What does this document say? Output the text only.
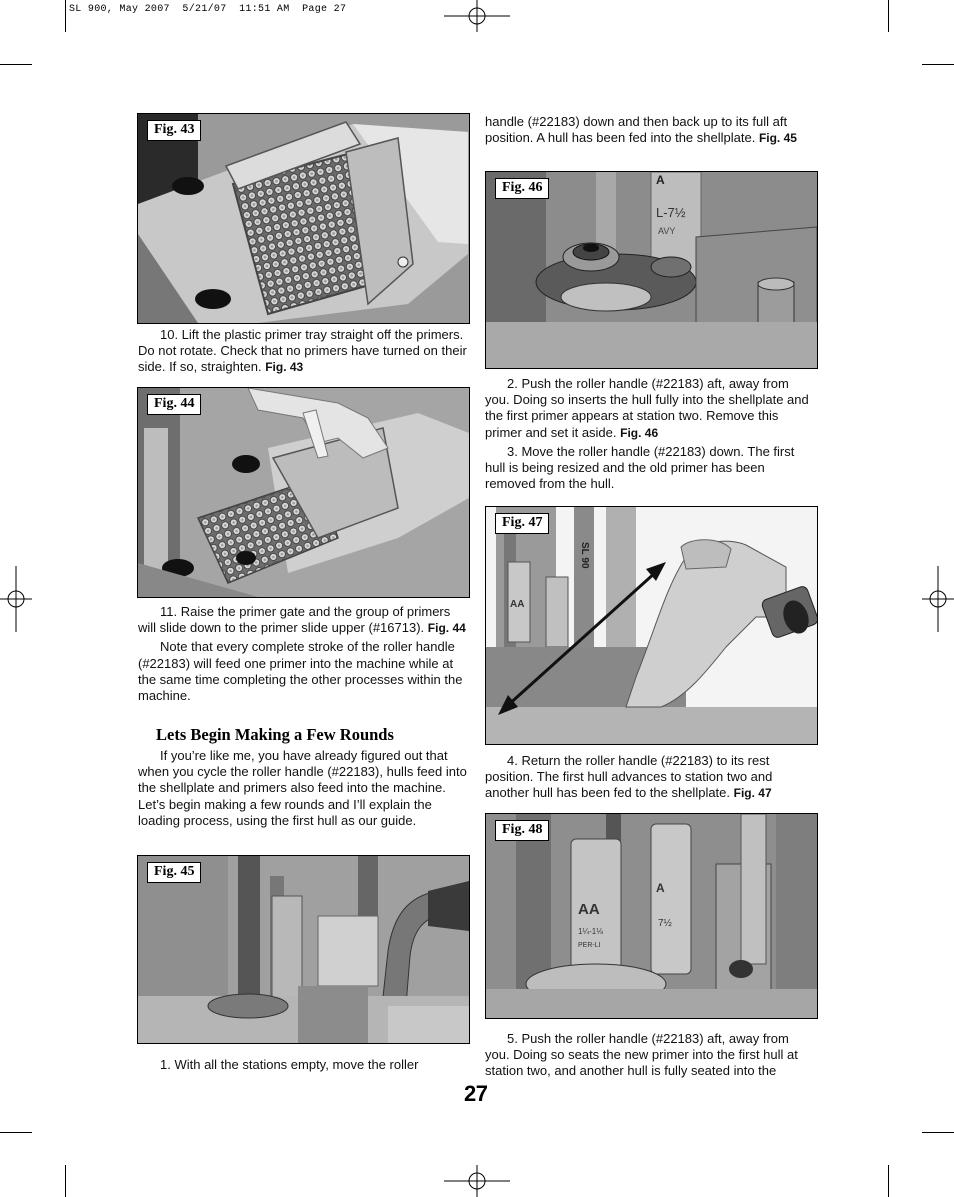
SL 900, May 2007  5/21/07  11:51 AM  Page 27
Fig. 43

10. Lift the plastic primer tray straight off the primers. Do not rotate. Check that no primers have turned on their side. If so, straighten. Fig. 43

Fig. 44

11. Raise the primer gate and the group of primers will slide down to the primer slide upper (#16713). Fig. 44

Note that every complete stroke of the roller handle (#22183) will feed one primer into the machine while at the same time completing the other processes within the machine.

Lets Begin Making a Few Rounds

If you’re like me, you have already figured out that when you cycle the roller handle (#22183), hulls feed into the shellplate and primers also feed into the machine. Let’s begin making a few rounds and I’ll explain the loading process, using the first hull as our guide.

Fig. 45

1. With all the stations empty, move the roller

handle (#22183) down and then back up to its full aft position. A hull has been fed into the shellplate. Fig. 45

L-7½
AVY
A
Fig. 46

2. Push the roller handle (#22183) aft, away from you. Doing so inserts the hull fully into the shellplate and the first primer appears at station two. Remove this primer and set it aside. Fig. 46

3. Move the roller handle (#22183) down. The first hull is being resized and the old primer has been removed from the hull.

SL 90
AA
Fig. 47

4. Return the roller handle (#22183) to its rest position. The first hull advances to station two and another hull has been fed to the shellplate. Fig. 47

AA
1¼-1⅛
PER-LI
A
7½
Fig. 48

5. Push the roller handle (#22183) aft, away from you. Doing so seats the new primer into the first hull at station two, and another hull is fully seated into the

27
